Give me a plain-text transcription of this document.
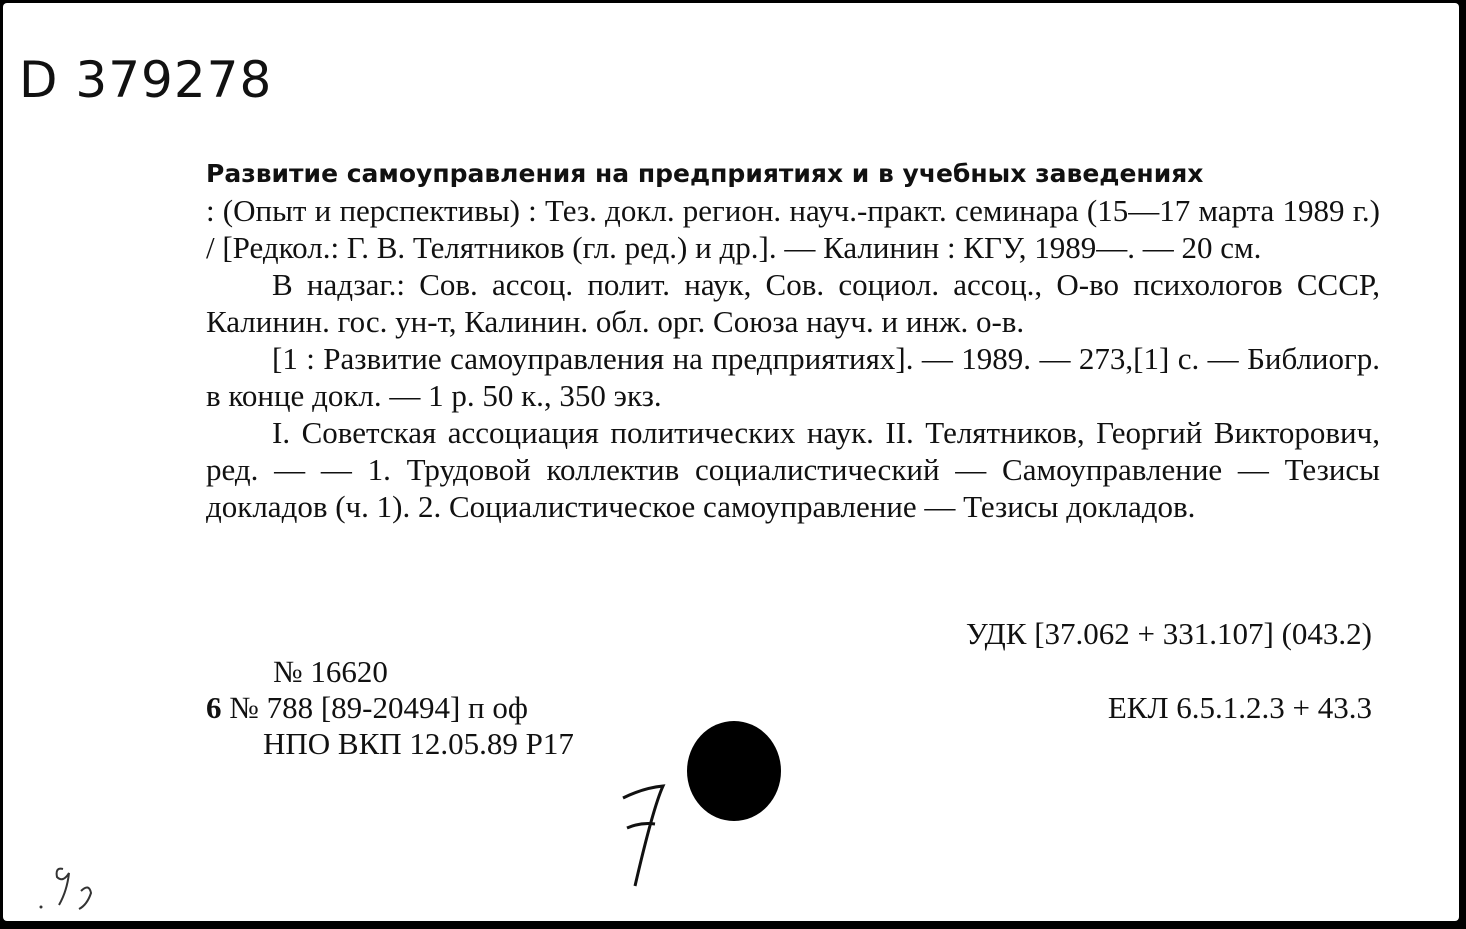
D 379278

Развитие самоуправления на предприятиях и в учебных заведениях

: (Опыт и перспективы) : Тез. докл. регион. науч.-практ. семинара (15—17 марта 1989 г.) / [Редкол.: Г. В. Телятников (гл. ред.) и др.]. — Калинин : КГУ, 1989—. — 20 см.

В надзаг.: Сов. ассоц. полит. наук, Сов. социол. ассоц., О-во психологов СССР, Калинин. гос. ун-т, Калинин. обл. орг. Союза науч. и инж. о-в.

[1 : Развитие самоуправления на предприятиях]. — 1989. — 273,[1] с. — Библиогр. в конце докл. — 1 р. 50 к., 350 экз.

I. Советская ассоциация политических наук. II. Телятников, Георгий Викторович, ред. — — 1. Трудовой коллектив социалистический — Самоуправление — Тезисы докладов (ч. 1). 2. Социалистическое самоуправление — Тезисы докладов.

УДК [37.062 + 331.107] (043.2)
№ 16620
6 № 788 [89-20494] п оф
НПО ВКП 12.05.89 Р17
ЕКЛ 6.5.1.2.3 + 43.3
